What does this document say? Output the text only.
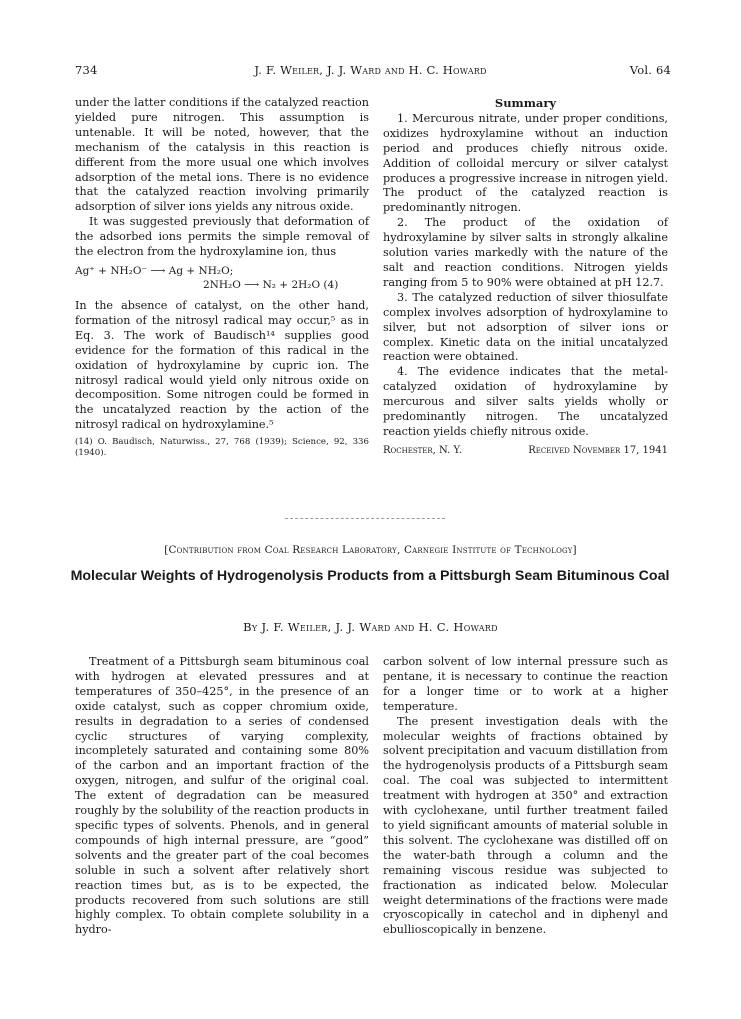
734	J. F. Weiler, J. J. Ward and H. C. Howard	Vol. 64

under the latter conditions if the catalyzed reaction yielded pure nitrogen. This assumption is untenable. It will be noted, however, that the mechanism of the catalysis in this reaction is different from the more usual one which involves adsorption of the metal ions. There is no evidence that the catalyzed reaction involving primarily adsorption of silver ions yields any nitrous oxide.

It was suggested previously that deformation of the adsorbed ions permits the simple removal of the electron from the hydroxylamine ion, thus

Ag⁺ + NH₂O⁻ ⟶ Ag + NH₂O;
2NH₂O ⟶ N₂ + 2H₂O (4)

In the absence of catalyst, on the other hand, formation of the nitrosyl radical may occur,⁵ as in Eq. 3. The work of Baudisch¹⁴ supplies good evidence for the formation of this radical in the oxidation of hydroxylamine by cupric ion. The nitrosyl radical would yield only nitrous oxide on decomposition. Some nitrogen could be formed in the uncatalyzed reaction by the action of the nitrosyl radical on hydroxylamine.⁵

(14) O. Baudisch, Naturwiss., 27, 768 (1939); Science, 92, 336 (1940).
Summary

1. Mercurous nitrate, under proper conditions, oxidizes hydroxylamine without an induction period and produces chiefly nitrous oxide. Addition of colloidal mercury or silver catalyst produces a progressive increase in nitrogen yield. The product of the catalyzed reaction is predominantly nitrogen.

2. The product of the oxidation of hydroxylamine by silver salts in strongly alkaline solution varies markedly with the nature of the salt and reaction conditions. Nitrogen yields ranging from 5 to 90% were obtained at pH 12.7.

3. The catalyzed reduction of silver thiosulfate complex involves adsorption of hydroxylamine to silver, but not adsorption of silver ions or complex. Kinetic data on the initial uncatalyzed reaction were obtained.

4. The evidence indicates that the metal-catalyzed oxidation of hydroxylamine by mercurous and silver salts yields wholly or predominantly nitrogen. The uncatalyzed reaction yields chiefly nitrous oxide.

Rochester, N. Y.	Received November 17, 1941
[Contribution from Coal Research Laboratory, Carnegie Institute of Technology]
Molecular Weights of Hydrogenolysis Products from a Pittsburgh Seam Bituminous Coal
By J. F. Weiler, J. J. Ward and H. C. Howard

Treatment of a Pittsburgh seam bituminous coal with hydrogen at elevated pressures and at temperatures of 350–425°, in the presence of an oxide catalyst, such as copper chromium oxide, results in degradation to a series of condensed cyclic structures of varying complexity, incompletely saturated and containing some 80% of the carbon and an important fraction of the oxygen, nitrogen, and sulfur of the original coal. The extent of degradation can be measured roughly by the solubility of the reaction products in specific types of solvents. Phenols, and in general compounds of high internal pressure, are “good” solvents and the greater part of the coal becomes soluble in such a solvent after relatively short reaction times but, as is to be expected, the products recovered from such solutions are still highly complex. To obtain complete solubility in a hydro-

carbon solvent of low internal pressure such as pentane, it is necessary to continue the reaction for a longer time or to work at a higher temperature.

The present investigation deals with the molecular weights of fractions obtained by solvent precipitation and vacuum distillation from the hydrogenolysis products of a Pittsburgh seam coal. The coal was subjected to intermittent treatment with hydrogen at 350° and extraction with cyclohexane, until further treatment failed to yield significant amounts of material soluble in this solvent. The cyclohexane was distilled off on the water-bath through a column and the remaining viscous residue was subjected to fractionation as indicated below. Molecular weight determinations of the fractions were made cryoscopically in catechol and in diphenyl and ebullioscopically in benzene.
